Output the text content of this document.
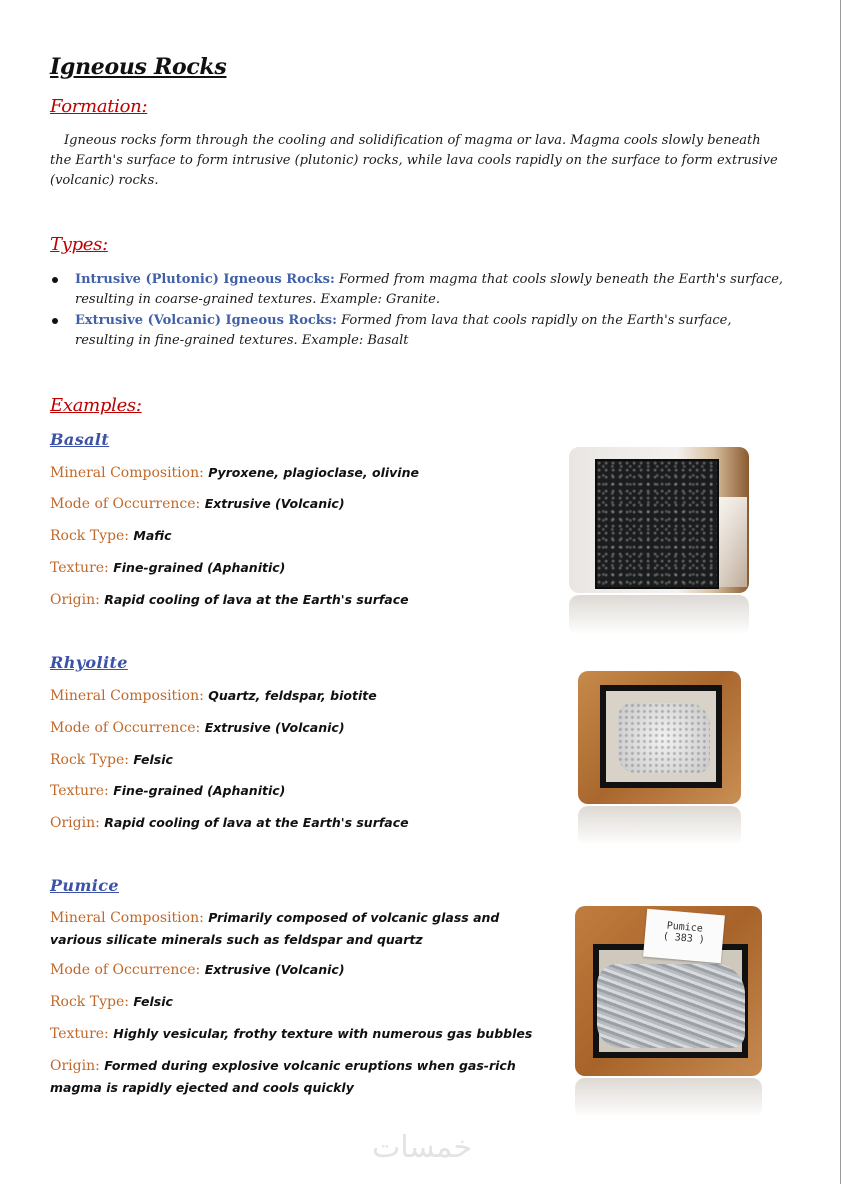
Igneous Rocks
Formation:
Igneous rocks form through the cooling and solidification of magma or lava. Magma cools slowly beneath the Earth's surface to form intrusive (plutonic) rocks, while lava cools rapidly on the surface to form extrusive (volcanic) rocks.
Types:
Intrusive (Plutonic) Igneous Rocks: Formed from magma that cools slowly beneath the Earth's surface, resulting in coarse-grained textures. Example: Granite.
Extrusive (Volcanic) Igneous Rocks: Formed from lava that cools rapidly on the Earth's surface, resulting in fine-grained textures. Example: Basalt
Examples:
Basalt
Mineral Composition: Pyroxene, plagioclase, olivine
Mode of Occurrence: Extrusive (Volcanic)
Rock Type: Mafic
Texture: Fine-grained (Aphanitic)
Origin: Rapid cooling of lava at the Earth's surface
Rhyolite
Mineral Composition: Quartz, feldspar, biotite
Mode of Occurrence: Extrusive (Volcanic)
Rock Type: Felsic
Texture: Fine-grained (Aphanitic)
Origin: Rapid cooling of lava at the Earth's surface
Pumice
Mineral Composition: Primarily composed of volcanic glass and various silicate minerals such as feldspar and quartz
Mode of Occurrence: Extrusive (Volcanic)
Rock Type: Felsic
Texture: Highly vesicular, frothy texture with numerous gas bubbles
Origin: Formed during explosive volcanic eruptions when gas-rich magma is rapidly ejected and cools quickly
Pumice
( 383 )
خمسات
